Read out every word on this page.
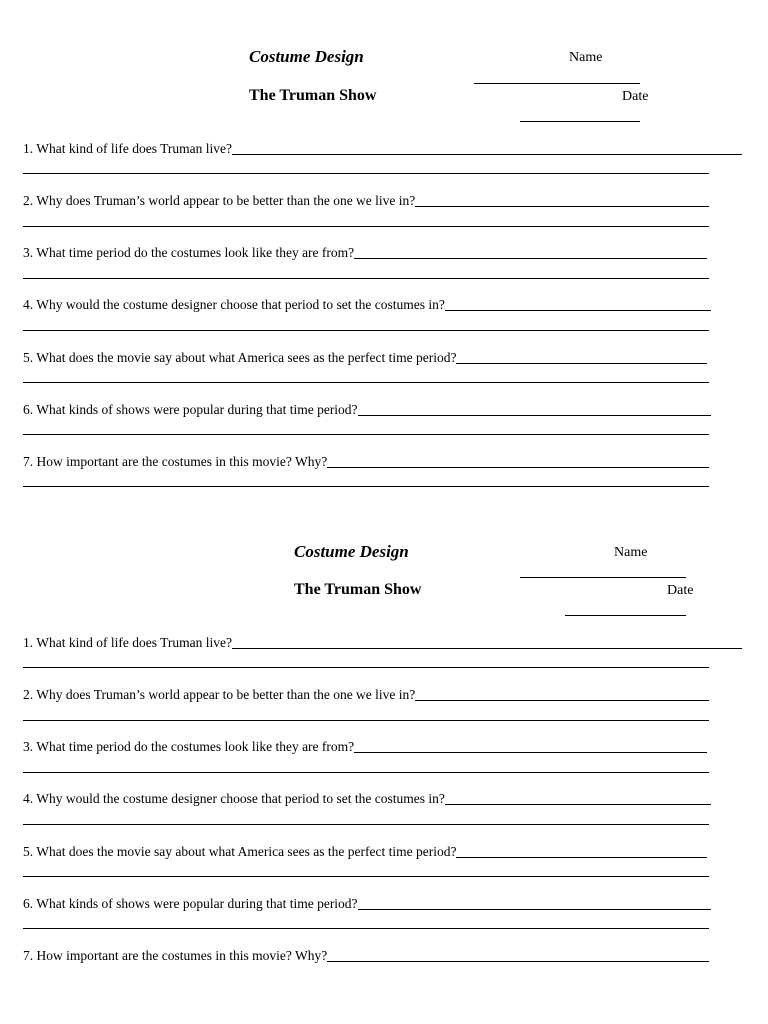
Costume Design	Name
The Truman Show	Date
1. What kind of life does Truman live?
2. Why does Truman’s world appear to be better than the one we live in?
3. What time period do the costumes look like they are from?
4. Why would the costume designer choose that period to set the costumes in?
5. What does the movie say about what America sees as the perfect time period?
6. What kinds of shows were popular during that time period?
7. How important are the costumes in this movie? Why?
Costume Design	Name
The Truman Show	Date
1. What kind of life does Truman live?
2. Why does Truman’s world appear to be better than the one we live in?
3. What time period do the costumes look like they are from?
4. Why would the costume designer choose that period to set the costumes in?
5. What does the movie say about what America sees as the perfect time period?
6. What kinds of shows were popular during that time period?
7. How important are the costumes in this movie? Why?
